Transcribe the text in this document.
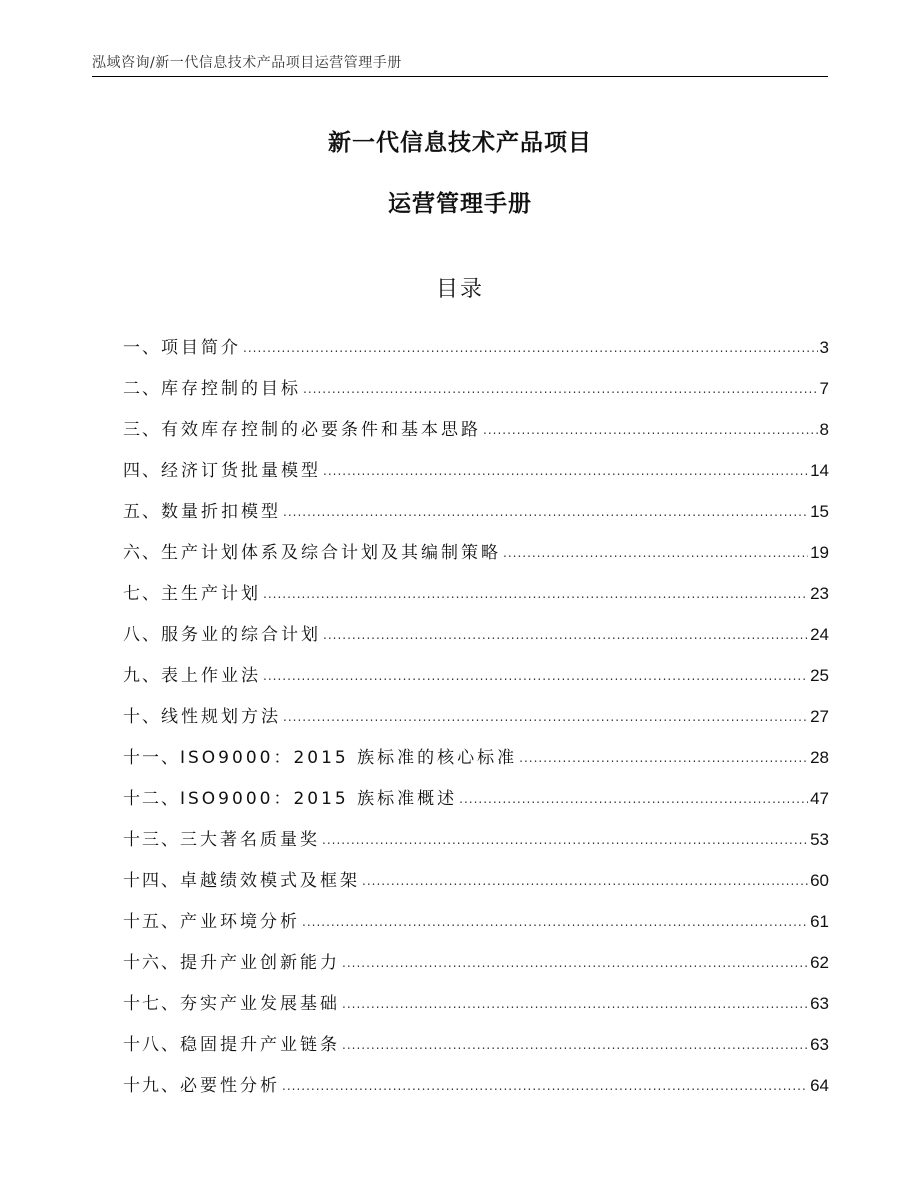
泓域咨询/新一代信息技术产品项目运营管理手册
新一代信息技术产品项目
运营管理手册
目录
一、 项目简介 .....	3
二、 库存控制的目标 .....	7
三、 有效库存控制的必要条件和基本思路 .....	8
四、 经济订货批量模型 .....	14
五、 数量折扣模型 .....	15
六、 生产计划体系及综合计划及其编制策略 .....	19
七、 主生产计划 .....	23
八、 服务业的综合计划 .....	24
九、 表上作业法 .....	25
十、 线性规划方法 .....	27
十一、 ISO9000：2015 族标准的核心标准 .....	28
十二、 ISO9000：2015 族标准概述 .....	47
十三、 三大著名质量奖 .....	53
十四、 卓越绩效模式及框架 .....	60
十五、 产业环境分析 .....	61
十六、 提升产业创新能力 .....	62
十七、 夯实产业发展基础 .....	63
十八、 稳固提升产业链条 .....	63
十九、 必要性分析 .....	64
